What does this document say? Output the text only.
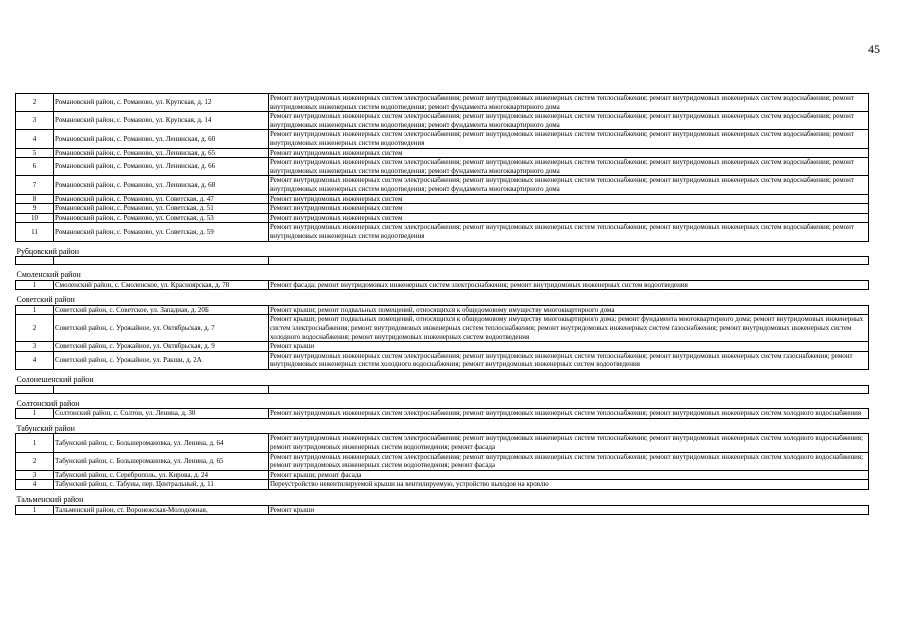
45
2	Романовский район, с. Романово, ул. Крупская, д. 12	Ремонт внутридомовых инженерных систем электроснабжения; ремонт внутридомовых инженерных систем теплоснабжения; ремонт внутридомовых инженерных систем водоснабжения; ремонт внутридомовых инженерных систем водоотведения; ремонт фундамента многоквартирного дома
3	Романовский район, с. Романово, ул. Крупская, д. 14	Ремонт внутридомовых инженерных систем электроснабжения; ремонт внутридомовых инженерных систем теплоснабжения; ремонт внутридомовых инженерных систем водоснабжения; ремонт внутридомовых инженерных систем водоотведения; ремонт фундамента многоквартирного дома
4	Романовский район, с. Романово, ул. Ленинская, д. 60	Ремонт внутридомовых инженерных систем электроснабжения; ремонт внутридомовых инженерных систем теплоснабжения; ремонт внутридомовых инженерных систем водоснабжения; ремонт внутридомовых инженерных систем водоотведения
5	Романовский район, с. Романово, ул. Ленинская, д. 65	Ремонт внутридомовых инженерных систем
6	Романовский район, с. Романово, ул. Ленинская, д. 66	Ремонт внутридомовых инженерных систем электроснабжения; ремонт внутридомовых инженерных систем теплоснабжения; ремонт внутридомовых инженерных систем водоснабжения; ремонт внутридомовых инженерных систем водоотведения; ремонт фундамента многоквартирного дома
7	Романовский район, с. Романово, ул. Ленинская, д. 68	Ремонт внутридомовых инженерных систем электроснабжения; ремонт внутридомовых инженерных систем теплоснабжения; ремонт внутридомовых инженерных систем водоснабжения; ремонт внутридомовых инженерных систем водоотведения; ремонт фундамента многоквартирного дома
8	Романовский район, с. Романово, ул. Советская, д. 47	Ремонт внутридомовых инженерных систем
9	Романовский район, с. Романово, ул. Советская, д. 51	Ремонт внутридомовых инженерных систем
10	Романовский район, с. Романово, ул. Советская, д. 53	Ремонт внутридомовых инженерных систем
11	Романовский район, с. Романово, ул. Советская, д. 59	Ремонт внутридомовых инженерных систем электроснабжения; ремонт внутридомовых инженерных систем теплоснабжения; ремонт внутридомовых инженерных систем водоснабжения; ремонт внутридомовых инженерных систем водоотведения
Рубцовский район		

Смоленский район		
1	Смоленский район, с. Смоленское, ул. Красноярская, д. 78	Ремонт фасада; ремонт внутридомовых инженерных систем электроснабжения; ремонт внутридомовых инженерных систем водоотведения
Советский район		
1	Советский район, с. Советское, ул. Западная, д. 20Б	Ремонт крыши; ремонт подвальных помещений, относящихся к общедомовому имуществу многоквартирного дома
2	Советский район, с. Урожайное, ул. Октябрьская, д. 7	Ремонт крыши; ремонт подвальных помещений, относящихся к общедомовому имуществу многоквартирного дома; ремонт фундамента многоквартирного дома; ремонт внутридомовых инженерных систем электроснабжения; ремонт внутридомовых инженерных систем теплоснабжения; ремонт внутридомовых инженерных систем газоснабжения; ремонт внутридомовых инженерных систем холодного водоснабжения; ремонт внутридомовых инженерных систем водоотведения
3	Советский район, с. Урожайное, ул. Октябрьская, д. 9	Ремонт крыши
4	Советский район, с. Урожайное, ул. Ракши, д. 2А	Ремонт внутридомовых инженерных систем электроснабжения; ремонт внутридомовых инженерных систем теплоснабжения; ремонт внутридомовых инженерных систем газоснабжения; ремонт внутридомовых инженерных систем холодного водоснабжения; ремонт внутридомовых инженерных систем водоотведения
Солонешенский район		

Солтонский район		
1	Солтонский район, с. Солтон, ул. Ленина, д. 30	Ремонт внутридомовых инженерных систем электроснабжения; ремонт внутридомовых инженерных систем теплоснабжения; ремонт внутридомовых инженерных систем холодного водоснабжения
Табунский район		
1	Табунский район, с. Большеромановка, ул. Ленина, д. 64	Ремонт внутридомовых инженерных систем электроснабжения; ремонт внутридомовых инженерных систем теплоснабжения; ремонт внутридомовых инженерных систем холодного водоснабжения; ремонт внутридомовых инженерных систем водоотведения; ремонт фасада
2	Табунский район, с. Большеромановка, ул. Ленина, д. 65	Ремонт внутридомовых инженерных систем электроснабжения; ремонт внутридомовых инженерных систем теплоснабжения; ремонт внутридомовых инженерных систем холодного водоснабжения; ремонт внутридомовых инженерных систем водоотведения; ремонт фасада
3	Табунский район, с. Сереброполь, ул. Кирова, д. 24	Ремонт крыши; ремонт фасада
4	Табунский район, с. Табуны, пер. Центральный, д. 11	Переустройство невентилируемой крыши на вентилируемую, устройство выходов на кровлю
Тальменский район		
1	Тальменский район, ст. Воронежская-Молодежная,	Ремонт крыши
